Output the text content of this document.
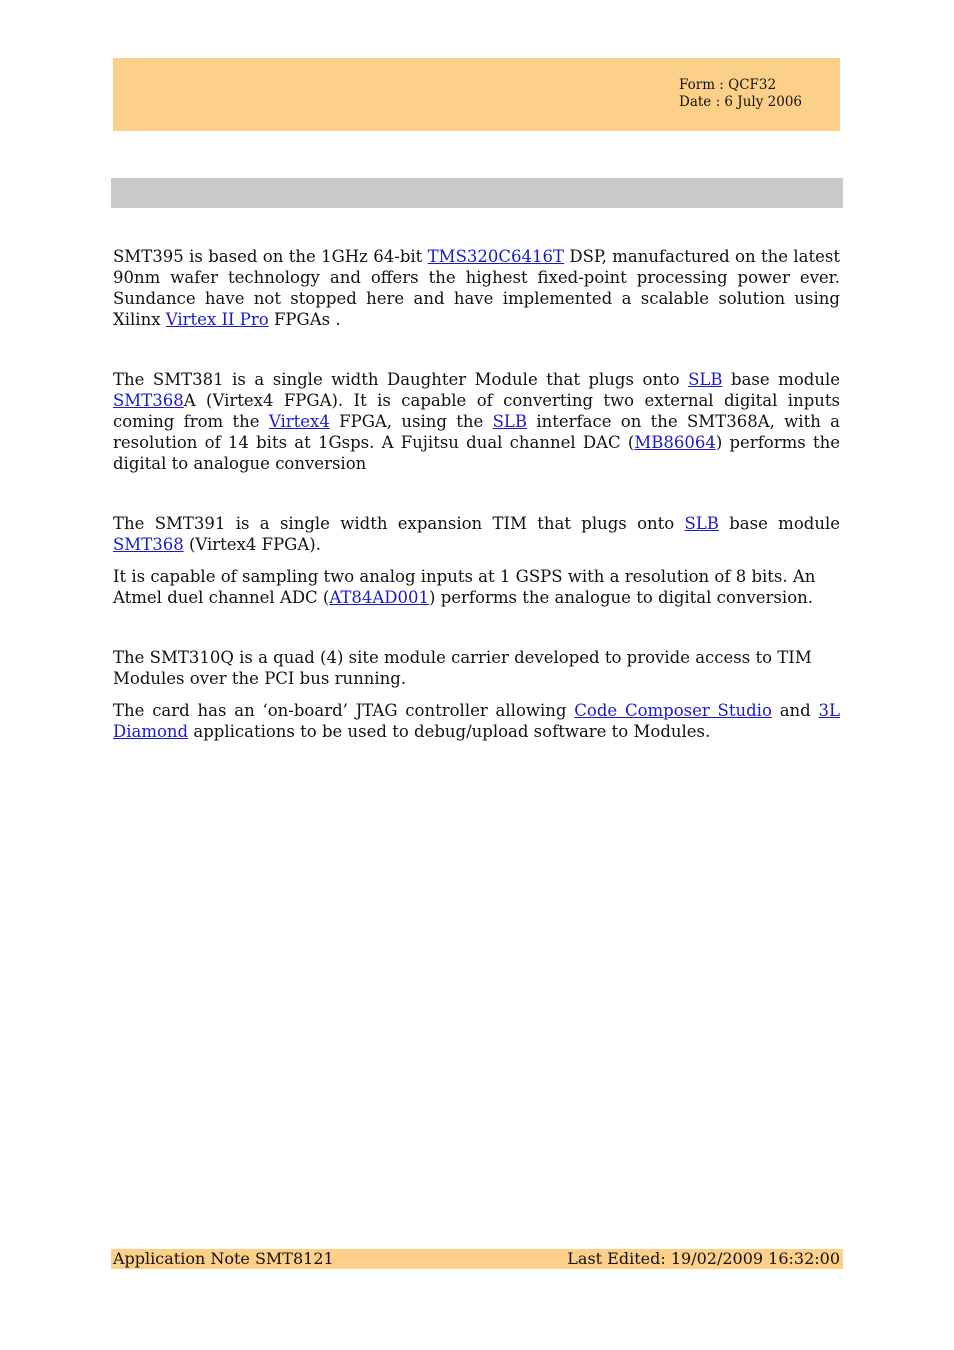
Form : QCF32
Date : 6 July 2006

SMT395 is based on the 1GHz 64-bit TMS320C6416T DSP, manufactured on the latest 90nm wafer technology and offers the highest fixed-point processing power ever. Sundance have not stopped here and have implemented a scalable solution using Xilinx Virtex II Pro FPGAs .

The SMT381 is a single width Daughter Module that plugs onto SLB base module SMT368A (Virtex4 FPGA). It is capable of converting two external digital inputs coming from the Virtex4 FPGA, using the SLB interface on the SMT368A, with a resolution of 14 bits at 1Gsps. A Fujitsu dual channel DAC (MB86064) performs the digital to analogue conversion

The SMT391 is a single width expansion TIM that plugs onto SLB base module SMT368 (Virtex4 FPGA).

It is capable of sampling two analog inputs at 1 GSPS with a resolution of 8 bits. An Atmel duel channel ADC (AT84AD001) performs the analogue to digital conversion.

The SMT310Q is a quad (4) site module carrier developed to provide access to TIM Modules over the PCI bus running.

The card has an ‘on-board’ JTAG controller allowing Code Composer Studio and 3L Diamond applications to be used to debug/upload software to Modules.

Application Note SMT8121	Last Edited: 19/02/2009 16:32:00
